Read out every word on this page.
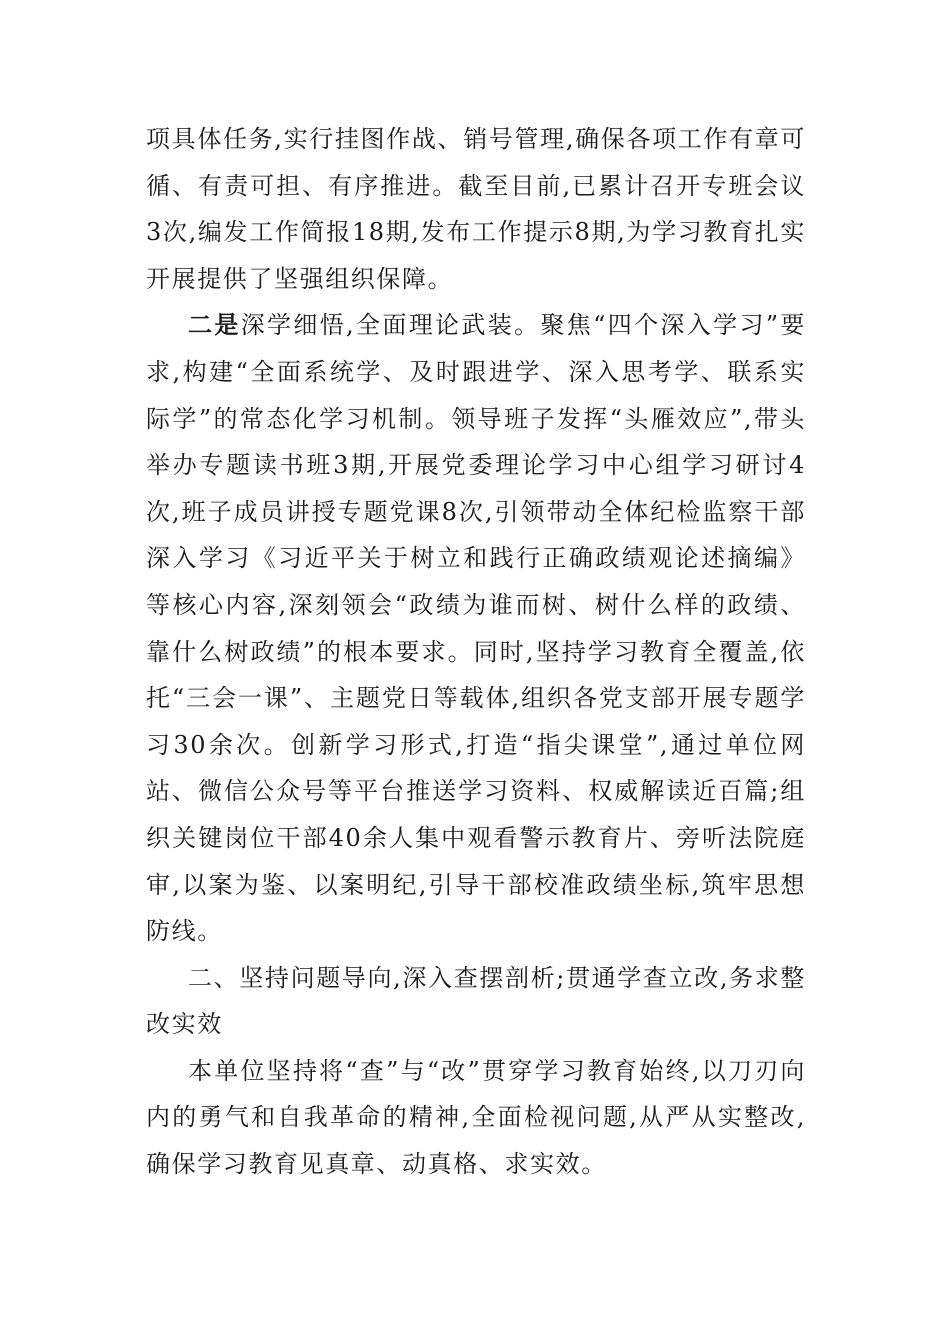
项具体任务,实行挂图作战、销号管理,确保各项工作有章可循、有责可担、有序推进。截至目前,已累计召开专班会议3次,编发工作简报18期,发布工作提示8期,为学习教育扎实开展提供了坚强组织保障。

二是深学细悟,全面理论武装。聚焦“四个深入学习”要求,构建“全面系统学、及时跟进学、深入思考学、联系实际学”的常态化学习机制。领导班子发挥“头雁效应”,带头举办专题读书班3期,开展党委理论学习中心组学习研讨4次,班子成员讲授专题党课8次,引领带动全体纪检监察干部深入学习《习近平关于树立和践行正确政绩观论述摘编》等核心内容,深刻领会“政绩为谁而树、树什么样的政绩、靠什么树政绩”的根本要求。同时,坚持学习教育全覆盖,依托“三会一课”、主题党日等载体,组织各党支部开展专题学习30余次。创新学习形式,打造“指尖课堂”,通过单位网站、微信公众号等平台推送学习资料、权威解读近百篇;组织关键岗位干部40余人集中观看警示教育片、旁听法院庭审,以案为鉴、以案明纪,引导干部校准政绩坐标,筑牢思想防线。

二、坚持问题导向,深入查摆剖析;贯通学查立改,务求整改实效

本单位坚持将“查”与“改”贯穿学习教育始终,以刀刃向内的勇气和自我革命的精神,全面检视问题,从严从实整改,确保学习教育见真章、动真格、求实效。
